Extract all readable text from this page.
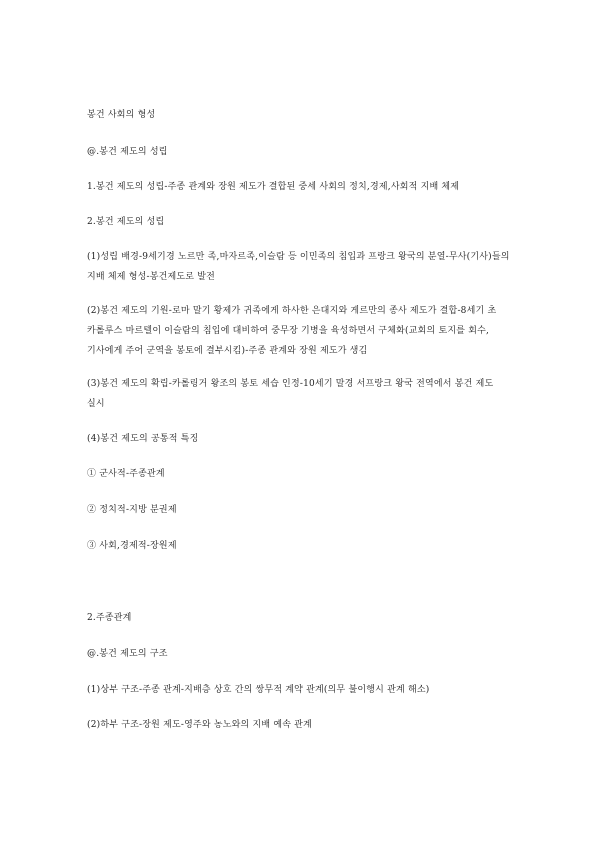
봉건 사회의 형성
@.봉건 제도의 성립
1.봉건 제도의 성립-주종 관계와 장원 제도가 결합된 중세 사회의 정치,경제,사회적 지배 체제
2.봉건 제도의 성립
(1)성립 배경-9세기경 노르만 족,마자르족,이슬람 등 이민족의 침입과 프랑크 왕국의 분열-무사(기사)들의 지배 체제 형성-봉건제도로 발전
(2)봉건 제도의 기원-로마 말기 황제가 귀족에게 하사한 은대지와 게르만의 종사 제도가 결합-8세기 초 카롤루스 마르텔이 이슬람의 침입에 대비하여 중무장 기병을 육성하면서 구체화(교회의 토지를 회수,기사에게 주어 군역을 봉토에 결부시킴)-주종 관계와 장원 제도가 생김
(3)봉건 제도의 확립-카롤링거 왕조의 봉토 세습 인정-10세기 말경 서프랑크 왕국 전역에서 봉건 제도 실시
(4)봉건 제도의 공통적 특징
① 군사적-주종관계
② 정치적-지방 분권제
③ 사회,경제적-장원제
2.주종관계
@.봉건 제도의 구조
(1)상부 구조-주종 관계-지배층 상호 간의 쌍무적 계약 관계(의무 불이행시 관계 해소)
(2)하부 구조-장원 제도-영주와 농노와의 지배 예속 관계
